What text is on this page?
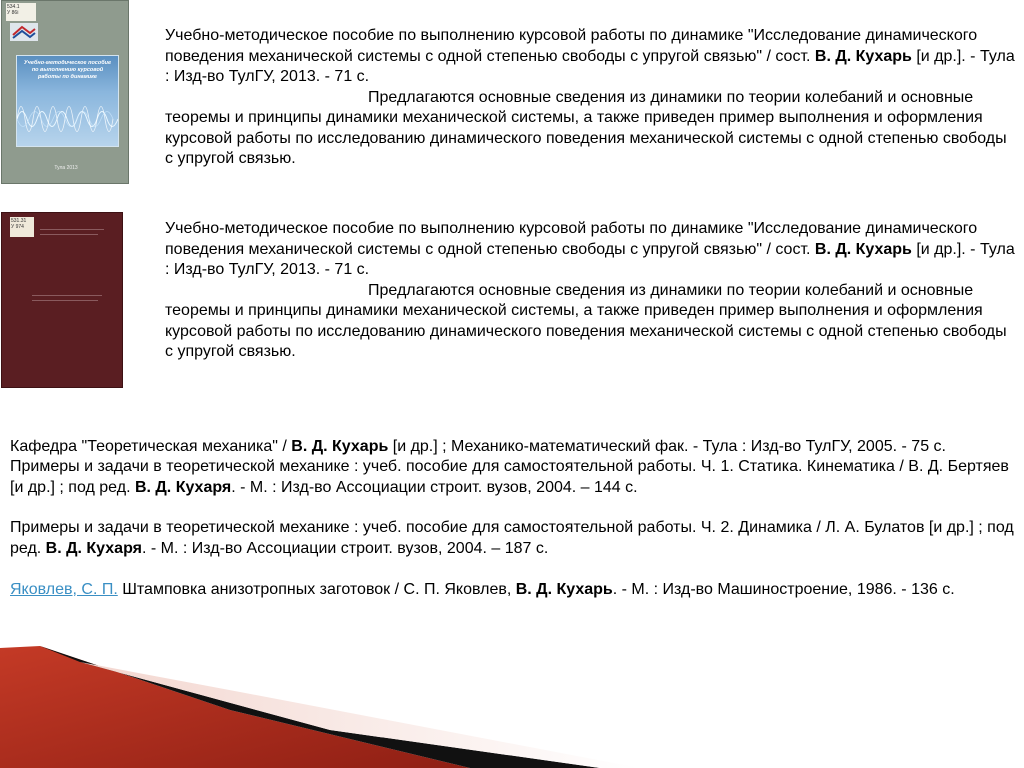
534.1
У 86Ⅰ
Учебно-методическое пособие по выполнению курсовой работы по динамике
Тула 2013
Учебно-методическое пособие по выполнению курсовой работы по динамике "Исследование динамического поведения механической системы с одной степенью свободы с упругой связью" / сост. В. Д. Кухарь [и др.]. - Тула : Изд-во ТулГУ, 2013. - 71 с.
Предлагаются основные сведения из динамики по теории колебаний и основные теоремы и принципы динамики механической системы, а также приведен пример выполнения и оформления курсовой работы по исследованию динамического поведения механической системы с одной степенью свободы с упругой связью.
531.31
У 974	Учебно-методическое пособие по выполнению курсовой работы по динамике "Исследование динамического поведения механической системы с одной степенью свободы с упругой связью" / сост. В. Д. Кухарь [и др.]. - Тула : Изд-во ТулГУ, 2013. - 71 с.
Предлагаются основные сведения из динамики по теории колебаний и основные теоремы и принципы динамики механической системы, а также приведен пример выполнения и оформления курсовой работы по исследованию динамического поведения механической системы с одной степенью свободы с упругой связью.
Кафедра "Теоретическая механика" / В. Д. Кухарь [и др.] ; Механико-математический фак. - Тула : Изд-во ТулГУ, 2005. - 75 с.
Примеры и задачи в теоретической механике : учеб. пособие для самостоятельной работы. Ч. 1. Статика. Кинематика / В. Д. Бертяев [и др.] ; под ред. В. Д. Кухаря. - М. : Изд-во Ассоциации строит. вузов, 2004. – 144 с.
Примеры и задачи в теоретической механике : учеб. пособие для самостоятельной работы. Ч. 2. Динамика / Л. А. Булатов [и др.] ; под ред. В. Д. Кухаря. - М. : Изд-во Ассоциации строит. вузов, 2004. – 187 с.
Яковлев, С. П. Штамповка анизотропных заготовок / С. П. Яковлев, В. Д. Кухарь. - М. : Изд-во Машиностроение, 1986. - 136 с.
